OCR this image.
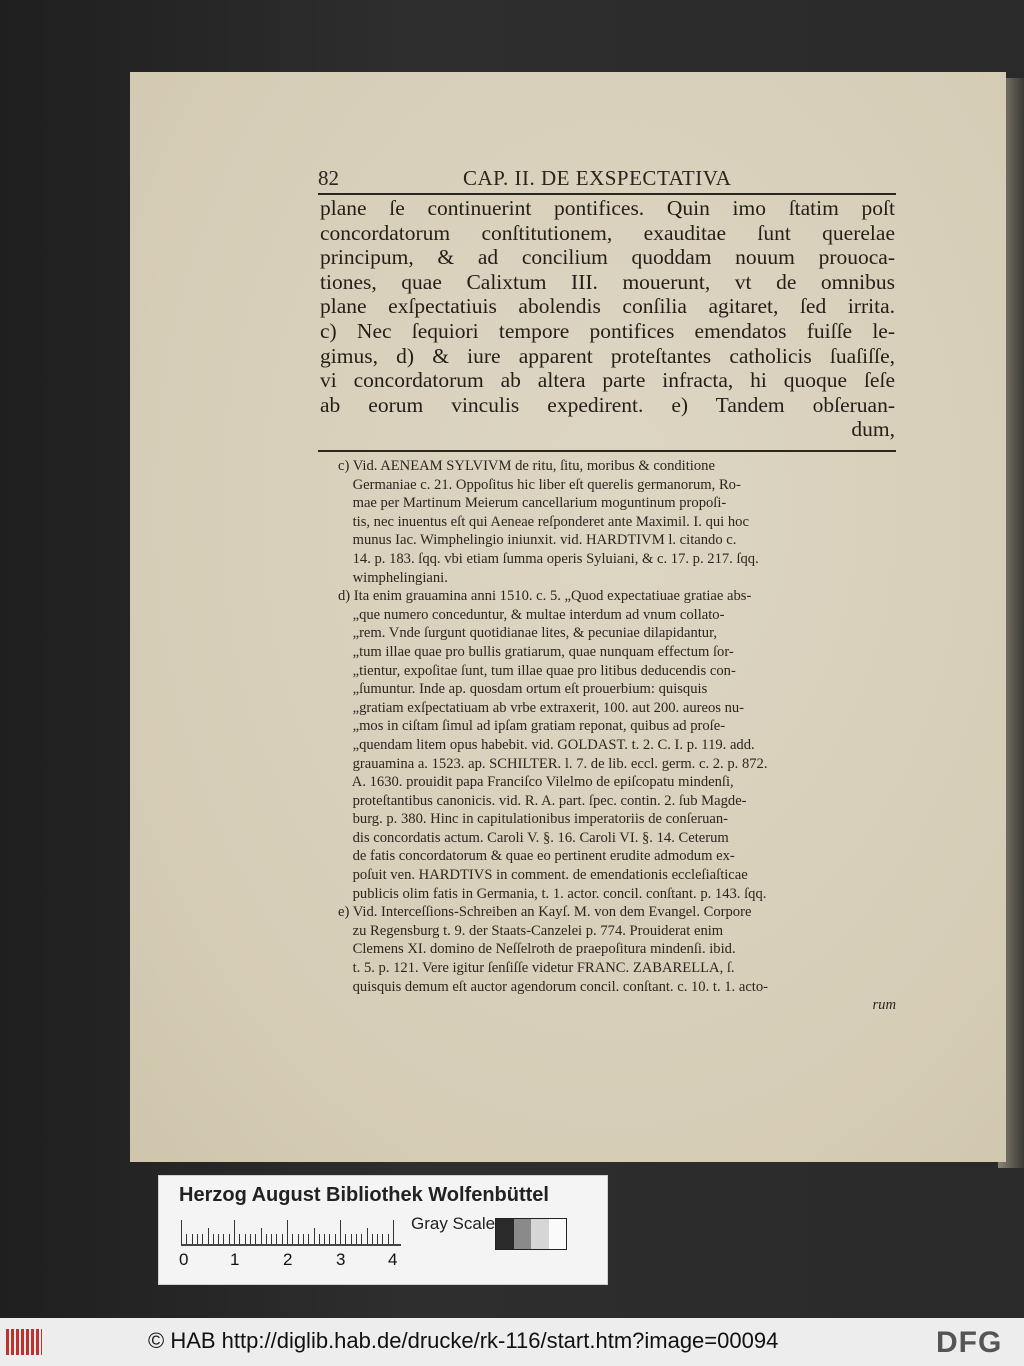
82	CAP. II. DE EXSPECTATIVA
plane ſe continuerint pontifices. Quin imo ſtatim poſt
concordatorum conſtitutionem, exauditae ſunt querelae
principum, & ad concilium quoddam nouum prouoca-
tiones, quae Calixtum III. mouerunt, vt de omnibus
plane exſpectatiuis abolendis conſilia agitaret, ſed irrita.
c) Nec ſequiori tempore pontifices emendatos fuiſſe le-
gimus, d) & iure apparent proteſtantes catholicis ſuaſiſſe,
vi concordatorum ab altera parte infracta, hi quoque ſeſe
ab eorum vinculis expedirent. e) Tandem obſeruan-
dum,
c) Vid. AENEAM SYLVIVM de ritu, ſitu, moribus & conditione
Germaniae c. 21. Oppoſitus hic liber eſt querelis germanorum, Ro-
mae per Martinum Meierum cancellarium moguntinum propoſi-
tis, nec inuentus eſt qui Aeneae reſponderet ante Maximil. I. qui hoc
munus Iac. Wimphelingio iniunxit. vid. HARDTIVM l. citando c.
14. p. 183. ſqq. vbi etiam ſumma operis Syluiani, & c. 17. p. 217. ſqq.
wimphelingiani.
d) Ita enim grauamina anni 1510. c. 5. „Quod expectatiuae gratiae abs-
„que numero conceduntur, & multae interdum ad vnum collato-
„rem. Vnde ſurgunt quotidianae lites, & pecuniae dilapidantur,
„tum illae quae pro bullis gratiarum, quae nunquam effectum ſor-
„tientur, expoſitae ſunt, tum illae quae pro litibus deducendis con-
„ſumuntur. Inde ap. quosdam ortum eſt prouerbium: quisquis
„gratiam exſpectatiuam ab vrbe extraxerit, 100. aut 200. aureos nu-
„mos in ciſtam ſimul ad ipſam gratiam reponat, quibus ad proſe-
„quendam litem opus habebit. vid. GOLDAST. t. 2. C. I. p. 119. add.
grauamina a. 1523. ap. SCHILTER. l. 7. de lib. eccl. germ. c. 2. p. 872.
A. 1630. prouidit papa Franciſco Vilelmo de epiſcopatu mindenſi,
proteſtantibus canonicis. vid. R. A. part. ſpec. contin. 2. ſub Magde-
burg. p. 380. Hinc in capitulationibus imperatoriis de conſeruan-
dis concordatis actum. Caroli V. §. 16. Caroli VI. §. 14. Ceterum
de fatis concordatorum & quae eo pertinent erudite admodum ex-
poſuit ven. HARDTIVS in comment. de emendationis eccleſiaſticae
publicis olim fatis in Germania, t. 1. actor. concil. conſtant. p. 143. ſqq.
e) Vid. Interceſſions-Schreiben an Kayſ. M. von dem Evangel. Corpore
zu Regensburg t. 9. der Staats-Canzelei p. 774. Prouiderat enim
Clemens XI. domino de Neſſelroth de praepoſitura mindenſi. ibid.
t. 5. p. 121. Vere igitur ſenſiſſe videtur FRANC. ZABARELLA, ſ.
quisquis demum eſt auctor agendorum concil. conſtant. c. 10. t. 1. acto-
rum
Herzog August Bibliothek Wolfenbüttel
0 1	2	3	4
Gray Scale
© HAB http://diglib.hab.de/drucke/rk-116/start.htm?image=00094	DFG
